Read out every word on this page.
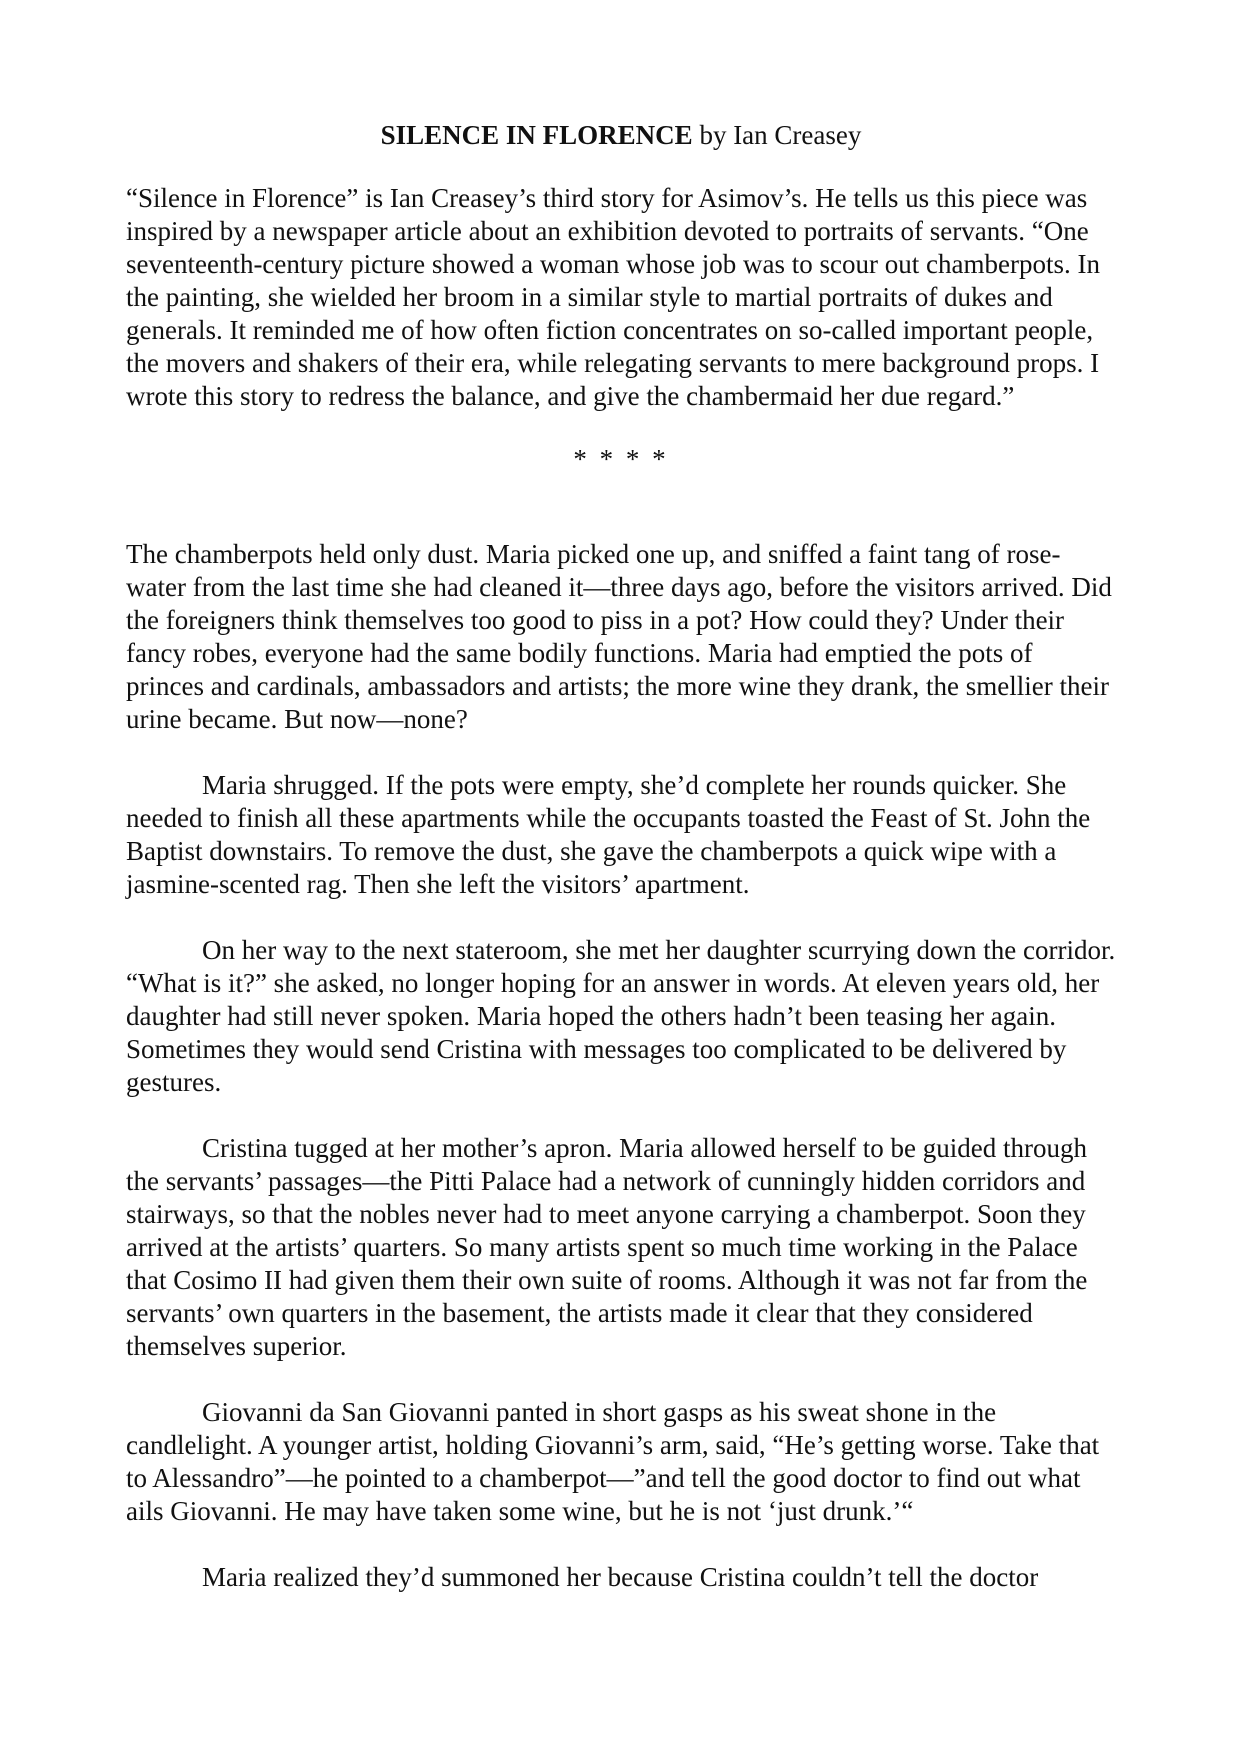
SILENCE IN FLORENCE by Ian Creasey

“Silence in Florence” is Ian Creasey’s third story for Asimov’s. He tells us this piece was inspired by a newspaper article about an exhibition devoted to portraits of servants. “One seventeenth-century picture showed a woman whose job was to scour out chamberpots. In the painting, she wielded her broom in a similar style to martial portraits of dukes and generals. It reminded me of how often fiction concentrates on so-called important people, the movers and shakers of their era, while relegating servants to mere background props. I wrote this story to redress the balance, and give the chambermaid her due regard.”

* * * *

The chamberpots held only dust. Maria picked one up, and sniffed a faint tang of rose-water from the last time she had cleaned it—three days ago, before the visitors arrived. Did the foreigners think themselves too good to piss in a pot? How could they? Under their fancy robes, everyone had the same bodily functions. Maria had emptied the pots of princes and cardinals, ambassadors and artists; the more wine they drank, the smellier their urine became. But now—none?

Maria shrugged. If the pots were empty, she’d complete her rounds quicker. She needed to finish all these apartments while the occupants toasted the Feast of St. John the Baptist downstairs. To remove the dust, she gave the chamberpots a quick wipe with a jasmine-scented rag. Then she left the visitors’ apartment.

On her way to the next stateroom, she met her daughter scurrying down the corridor. “What is it?” she asked, no longer hoping for an answer in words. At eleven years old, her daughter had still never spoken. Maria hoped the others hadn’t been teasing her again. Sometimes they would send Cristina with messages too complicated to be delivered by gestures.

Cristina tugged at her mother’s apron. Maria allowed herself to be guided through the servants’ passages—the Pitti Palace had a network of cunningly hidden corridors and stairways, so that the nobles never had to meet anyone carrying a chamberpot. Soon they arrived at the artists’ quarters. So many artists spent so much time working in the Palace that Cosimo II had given them their own suite of rooms. Although it was not far from the servants’ own quarters in the basement, the artists made it clear that they considered themselves superior.

Giovanni da San Giovanni panted in short gasps as his sweat shone in the candlelight. A younger artist, holding Giovanni’s arm, said, “He’s getting worse. Take that to Alessandro”—he pointed to a chamberpot—”and tell the good doctor to find out what ails Giovanni. He may have taken some wine, but he is not ‘just drunk.’“

Maria realized they’d summoned her because Cristina couldn’t tell the doctor
